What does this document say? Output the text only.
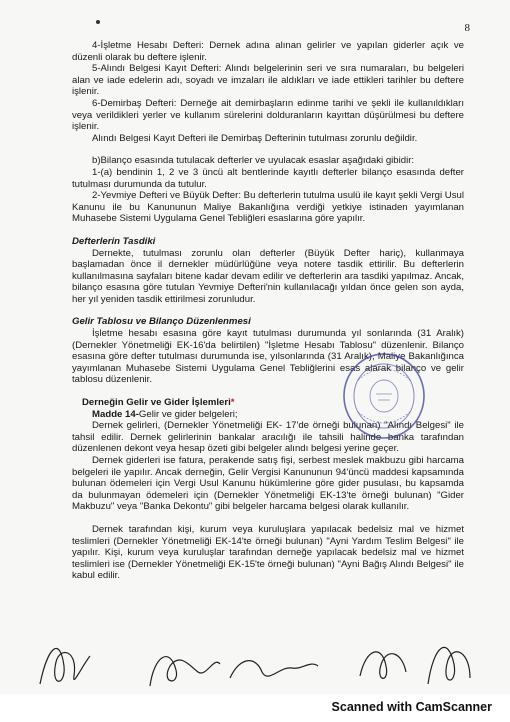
8

4-İşletme Hesabı Defteri: Dernek adına alınan gelirler ve yapılan giderler açık ve düzenli olarak bu deftere işlenir.

5-Alındı Belgesi Kayıt Defteri: Alındı belgelerinin seri ve sıra numaraları, bu belgeleri alan ve iade edelerin adı, soyadı ve imzaları ile aldıkları ve iade ettikleri tarihler bu deftere işlenir.

6-Demirbaş Defteri: Derneğe ait demirbaşların edinme tarihi ve şekli ile kullanıldıkları veya verildikleri yerler ve kullanım sürelerini dolduranların kayıttan düşürülmesi bu deftere işlenir.

Alındı Belgesi Kayıt Defteri ile Demirbaş Defterinin tutulması zorunlu değildir.

b)Bilanço esasında tutulacak defterler ve uyulacak esaslar aşağıdaki gibidir:

1-(a) bendinin 1, 2 ve 3 üncü alt bentlerinde kayıtlı defterler bilanço esasında defter tutulması durumunda da tutulur.

2-Yevmiye Defteri ve Büyük Defter: Bu defterlerin tutulma usulü ile kayıt şekli Vergi Usul Kanunu ile bu Kanununun Maliye Bakanlığına verdiği yetkiye istinaden yayımlanan Muhasebe Sistemi Uygulama Genel Tebliğleri esaslarına göre yapılır.

Defterlerin Tasdiki

Dernekte, tutulması zorunlu olan defterler (Büyük Defter hariç), kullanmaya başlamadan önce il dernekler müdürlüğüne veya notere tasdik ettirilir. Bu defterlerin kullanılmasına sayfaları bitene kadar devam edilir ve defterlerin ara tasdiki yapılmaz. Ancak, bilanço esasına göre tutulan Yevmiye Defteri'nin kullanılacağı yıldan önce gelen son ayda, her yıl yeniden tasdik ettirilmesi zorunludur.

Gelir Tablosu ve Bilanço Düzenlenmesi

İşletme hesabı esasına göre kayıt tutulması durumunda yıl sonlarında (31 Aralık) (Dernekler Yönetmeliği EK-16'da belirtilen) "İşletme Hesabı Tablosu" düzenlenir. Bilanço esasına göre defter tutulması durumunda ise, yılsonlarında (31 Aralık), Maliye Bakanlığınca yayımlanan Muhasebe Sistemi Uygulama Genel Tebliğlerini esas alarak bilanço ve gelir tablosu düzenlenir.

Derneğin Gelir ve Gider İşlemleri*

Madde 14-Gelir ve gider belgeleri;

Dernek gelirleri, (Dernekler Yönetmeliği EK- 17'de örneği bulunan) "Alındı Belgesi" ile tahsil edilir. Dernek gelirlerinin bankalar aracılığı ile tahsili halinde banka tarafından düzenlenen dekont veya hesap özeti gibi belgeler alındı belgesi yerine geçer.

Dernek giderleri ise fatura, perakende satış fişi, serbest meslek makbuzu gibi harcama belgeleri ile yapılır. Ancak derneğin, Gelir Vergisi Kanununun 94'üncü maddesi kapsamında bulunan ödemeleri için Vergi Usul Kanunu hükümlerine göre gider pusulası, bu kapsamda da bulunmayan ödemeleri için (Dernekler Yönetmeliği EK-13'te örneği bulunan) "Gider Makbuzu" veya "Banka Dekontu" gibi belgeler harcama belgesi olarak kullanılır.

Dernek tarafından kişi, kurum veya kuruluşlara yapılacak bedelsiz mal ve hizmet teslimleri (Dernekler Yönetmeliği EK-14'te örneği bulunan) "Ayni Yardım Teslim Belgesi" ile yapılır. Kişi, kurum veya kuruluşlar tarafından derneğe yapılacak bedelsiz mal ve hizmet teslimleri ise (Dernekler Yönetmeliği EK-15'te örneği bulunan) "Ayni Bağış Alındı Belgesi" ile kabul edilir.

Scanned with CamScanner
